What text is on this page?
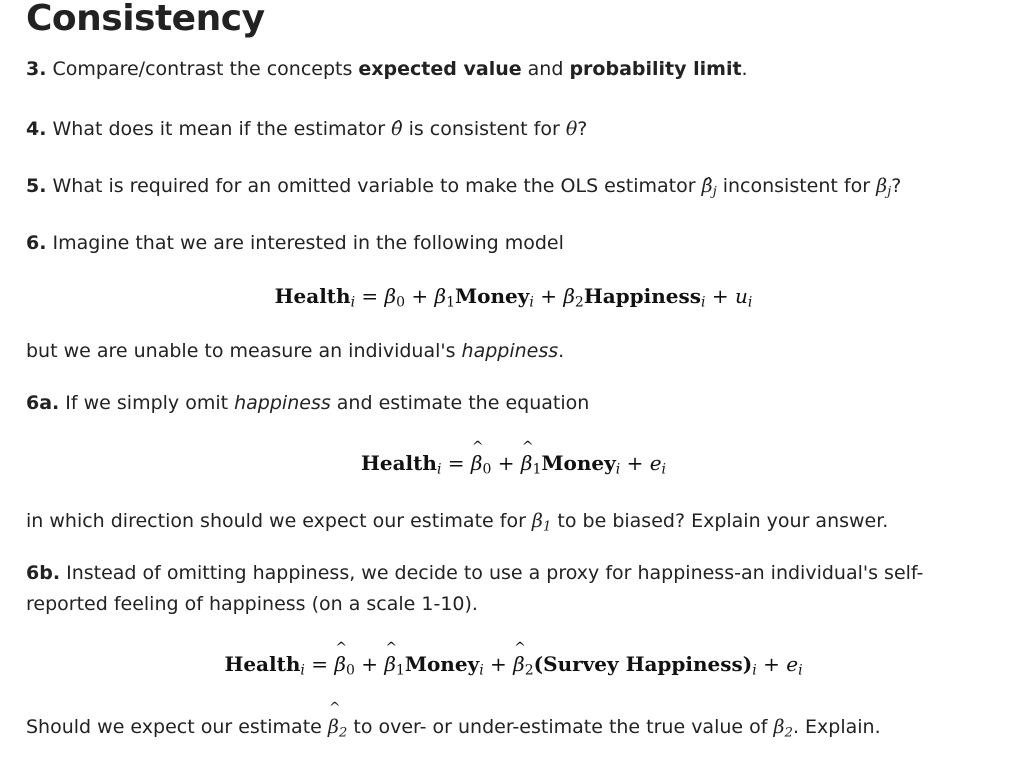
Consistency
3. Compare/contrast the concepts expected value and probability limit.
4. What does it mean if the estimator θ̂ is consistent for θ?
5. What is required for an omitted variable to make the OLS estimator $\betâ_j$ inconsistent for $\beta_j$?
6. Imagine that we are interested in the following model
Health$_i$ = $\beta_0$ + $\beta_1Money_i$ + $\beta_2Happiness_i + u_i$
but we are unable to measure an individual's happiness.
6a. If we simply omit happiness and estimate the equation
Health$_i$ = ^ $\beta_0$ + ^ $\beta_1Money_i + e_i$
in which direction should we expect our estimate for $\beta_1$ to be biased? Explain your answer.
6b. Instead of omitting happiness, we decide to use a proxy for happiness-an individual's self-reported feeling of happiness (on a scale 1-10).
Health$_i$ = ^ $\beta_0$ + ^ $\beta_1Money_i$ + ^ $\beta_2(Survey$ $Happiness)_i + e_i$
Should we expect our estimate ^ $\beta_2$ to over- or under-estimate the true value of $\beta_2$. Explain.
